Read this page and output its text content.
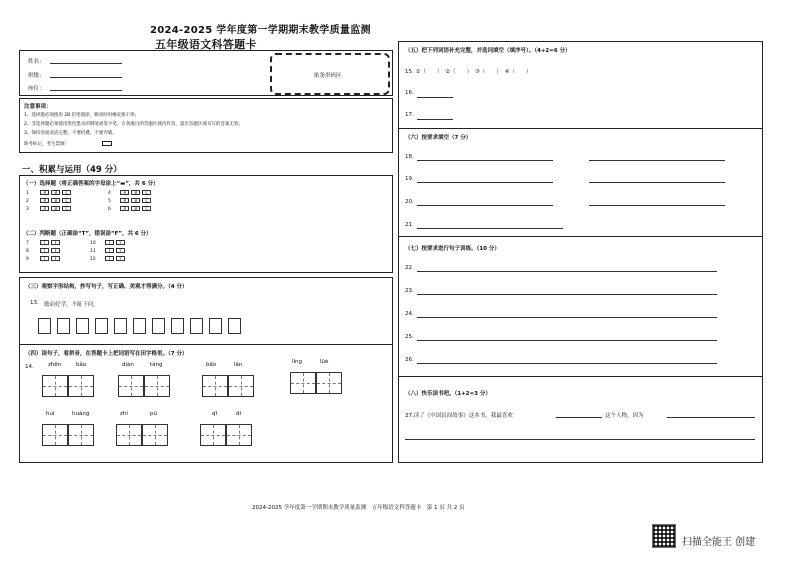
2024-2025 学年度第一学期期末教学质量监测
五年级语文科答题卡
姓名：
班级：
座位：
贴条形码区
注意事项：
1、选择题必须使用 2B 铅笔填涂，修改时用橡皮擦干净；
2、非选择题必须使用黑色墨水的钢笔或签字笔，在各题目的答题区域内作答，超出答题区域书写的答案无效；
3、保持卷面清洁完整，不要折叠，不要弄破。
缺考标记，考生禁填！
一、积累与运用（49 分）
（一）选择题（将正确答案的字母涂上“▬”，共 6 分）
1	A B C
2	A B C
3	A B C
4	A B C
5	A B C
6	A B C
（二）判断题（正确涂“T”，错误涂“F”，共 6 分）
7	T F
8	T F
9	T F
10	T F
11	T F
12	T F
（三）观察字形结构，抄写句子，写正确、美观才得满分。（4 分）
13. 敏而好学，不耻下问。
（四）读句子，看拼音，在答题卡上把词语写在田字格里。（7 分）
14.	zhēn	bǎo	diàn	táng	bāo	lǎn	lǐng	lüè
huī	huáng	zhì	pǔ	qǐ	dí
（五）把下列词语补充完整，并选词填空（填序号）。（4+2=6 分）
15. ①（　　）　②（　　）　③（　　）　④（　　）
16.
17.
（六）按要求填空（7 分）
18.
19.
20.
21.
（七）按要求进行句子训练。（10 分）
22.
23.
24.
25.
26.
（八）快乐读书吧。（1+2=3 分）
27.读了《中国民间故事》这本书，我最喜欢	这个人物，因为
2024-2025 学年度第一学期期末教学质量监测　五年级语文科答题卡　第 1 页 共 2 页
扫描全能王 创建
